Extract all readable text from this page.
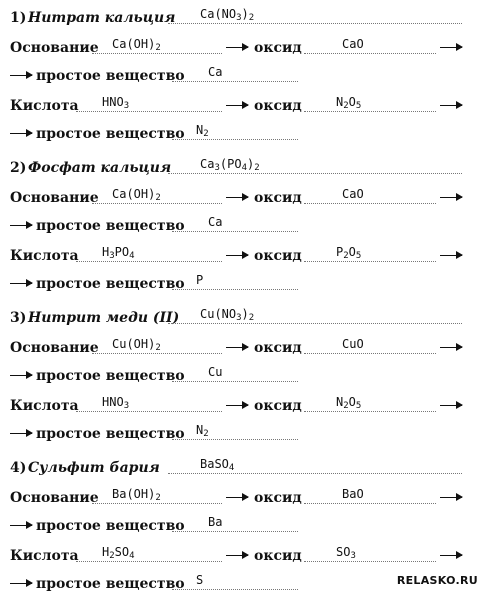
1) Нитрат кальция $Ca(NO_3)_2$
Основание $Ca(OH)_2$	оксид	CaO
простое вещество Ca
Кислота $HNO_3$	оксид	$N_2O_5$
простое вещество $N_2$
2) Фосфат кальция $Ca_3(PO_4)_2$
Основание $Ca(OH)_2$	оксид	CaO
простое вещество Ca
Кислота $H_3PO_4$	оксид	$P_2O_5$
простое вещество P
3) Нитрит меди (II) $Cu(NO_3)_2$
Основание $Cu(OH)_2$	оксид	CuO
простое вещество Cu
Кислота $HNO_3$	оксид	$N_2O_5$
простое вещество $N_2$
4) Сульфит бария	BaSO$_4$
Основание $Ba(OH)_2$	оксид	BaO
простое вещество Ba
Кислота $H_2SO_4$	оксид	$SO_3$
простое вещество S	RELASKO.RU
